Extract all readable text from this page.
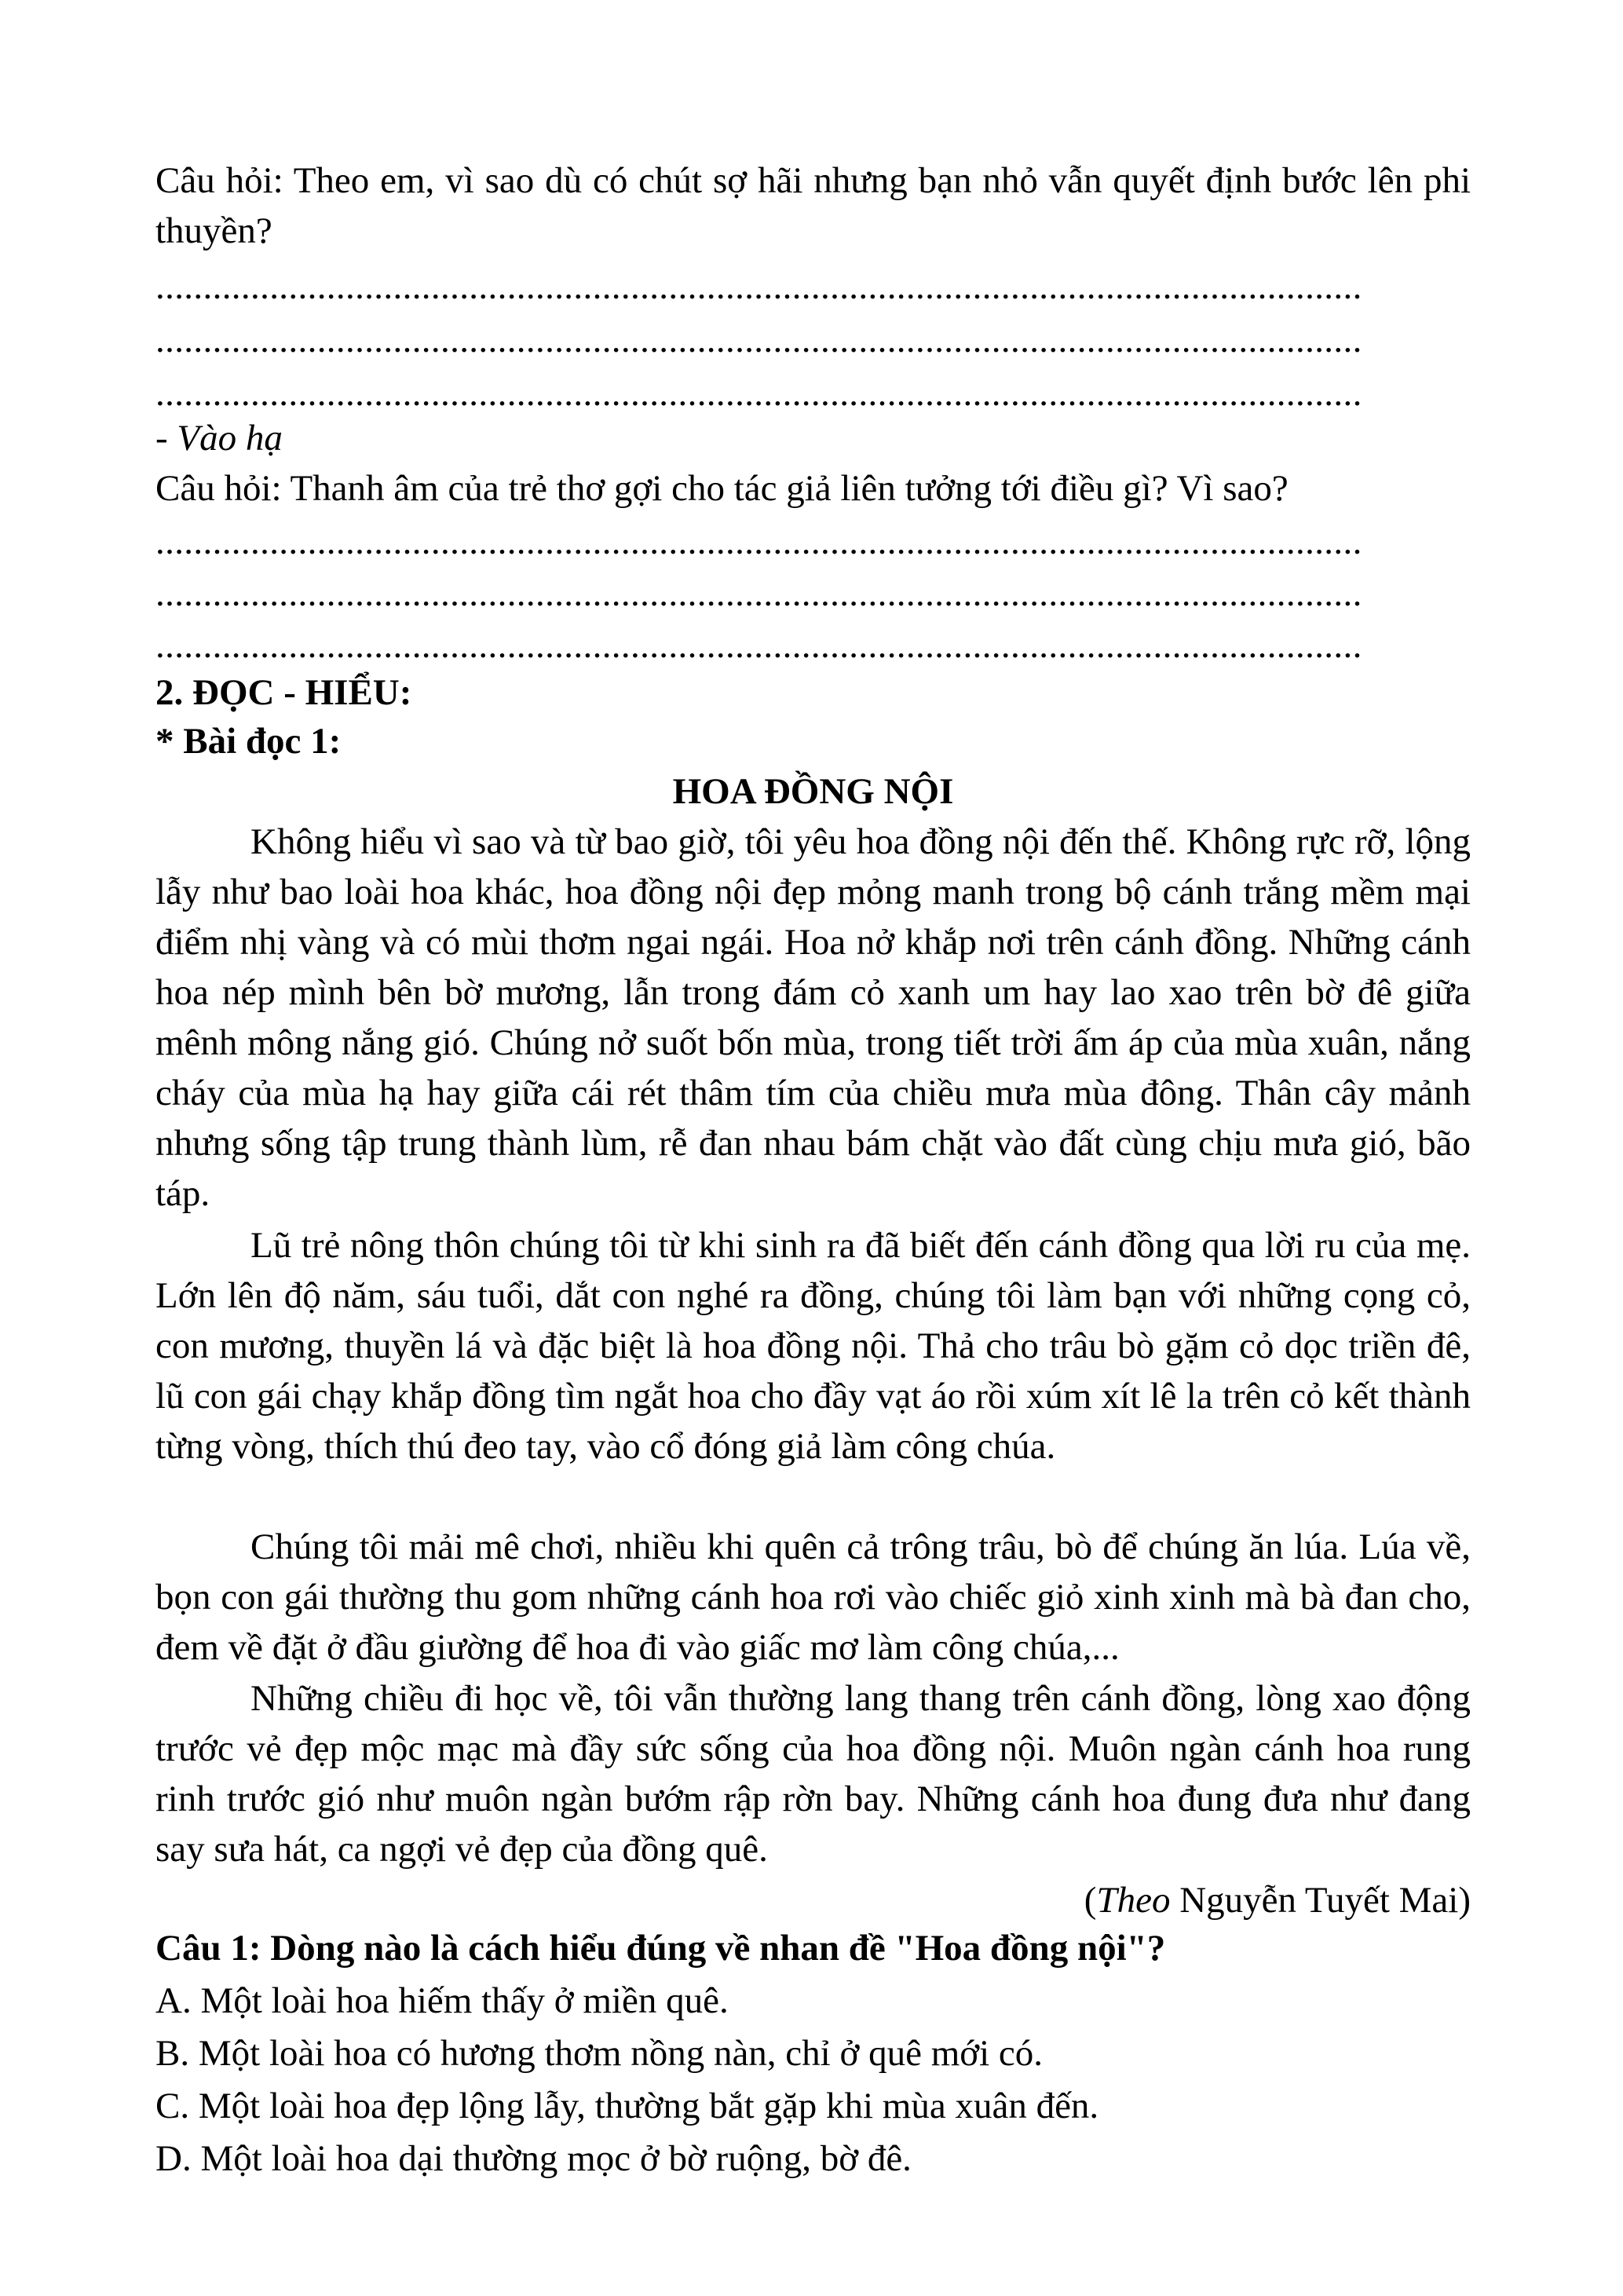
Câu hỏi: Theo em, vì sao dù có chút sợ hãi nhưng bạn nhỏ vẫn quyết định bước lên phi thuyền?
...............................................................................................................................
...............................................................................................................................
...............................................................................................................................
- Vào hạ
Câu hỏi: Thanh âm của trẻ thơ gợi cho tác giả liên tưởng tới điều gì? Vì sao?
...............................................................................................................................
...............................................................................................................................
...............................................................................................................................
2. ĐỌC - HIỂU:
* Bài đọc 1:
HOA ĐỒNG NỘI
Không hiểu vì sao và từ bao giờ, tôi yêu hoa đồng nội đến thế. Không rực rỡ, lộng lẫy như bao loài hoa khác, hoa đồng nội đẹp mỏng manh trong bộ cánh trắng mềm mại điểm nhị vàng và có mùi thơm ngai ngái. Hoa nở khắp nơi trên cánh đồng. Những cánh hoa nép mình bên bờ mương, lẫn trong đám cỏ xanh um hay lao xao trên bờ đê giữa mênh mông nắng gió. Chúng nở suốt bốn mùa, trong tiết trời ấm áp của mùa xuân, nắng cháy của mùa hạ hay giữa cái rét thâm tím của chiều mưa mùa đông. Thân cây mảnh nhưng sống tập trung thành lùm, rễ đan nhau bám chặt vào đất cùng chịu mưa gió, bão táp.
Lũ trẻ nông thôn chúng tôi từ khi sinh ra đã biết đến cánh đồng qua lời ru của mẹ. Lớn lên độ năm, sáu tuổi, dắt con nghé ra đồng, chúng tôi làm bạn với những cọng cỏ, con mương, thuyền lá và đặc biệt là hoa đồng nội. Thả cho trâu bò gặm cỏ dọc triền đê, lũ con gái chạy khắp đồng tìm ngắt hoa cho đầy vạt áo rồi xúm xít lê la trên cỏ kết thành từng vòng, thích thú đeo tay, vào cổ đóng giả làm công chúa.
Chúng tôi mải mê chơi, nhiều khi quên cả trông trâu, bò để chúng ăn lúa. Lúa về, bọn con gái thường thu gom những cánh hoa rơi vào chiếc giỏ xinh xinh mà bà đan cho, đem về đặt ở đầu giường để hoa đi vào giấc mơ làm công chúa,...
Những chiều đi học về, tôi vẫn thường lang thang trên cánh đồng, lòng xao động trước vẻ đẹp mộc mạc mà đầy sức sống của hoa đồng nội. Muôn ngàn cánh hoa rung rinh trước gió như muôn ngàn bướm rập rờn bay. Những cánh hoa đung đưa như đang say sưa hát, ca ngợi vẻ đẹp của đồng quê.
(Theo Nguyễn Tuyết Mai)
Câu 1: Dòng nào là cách hiểu đúng về nhan đề "Hoa đồng nội"?
A. Một loài hoa hiếm thấy ở miền quê.
B. Một loài hoa có hương thơm nồng nàn, chỉ ở quê mới có.
C. Một loài hoa đẹp lộng lẫy, thường bắt gặp khi mùa xuân đến.
D. Một loài hoa dại thường mọc ở bờ ruộng, bờ đê.
